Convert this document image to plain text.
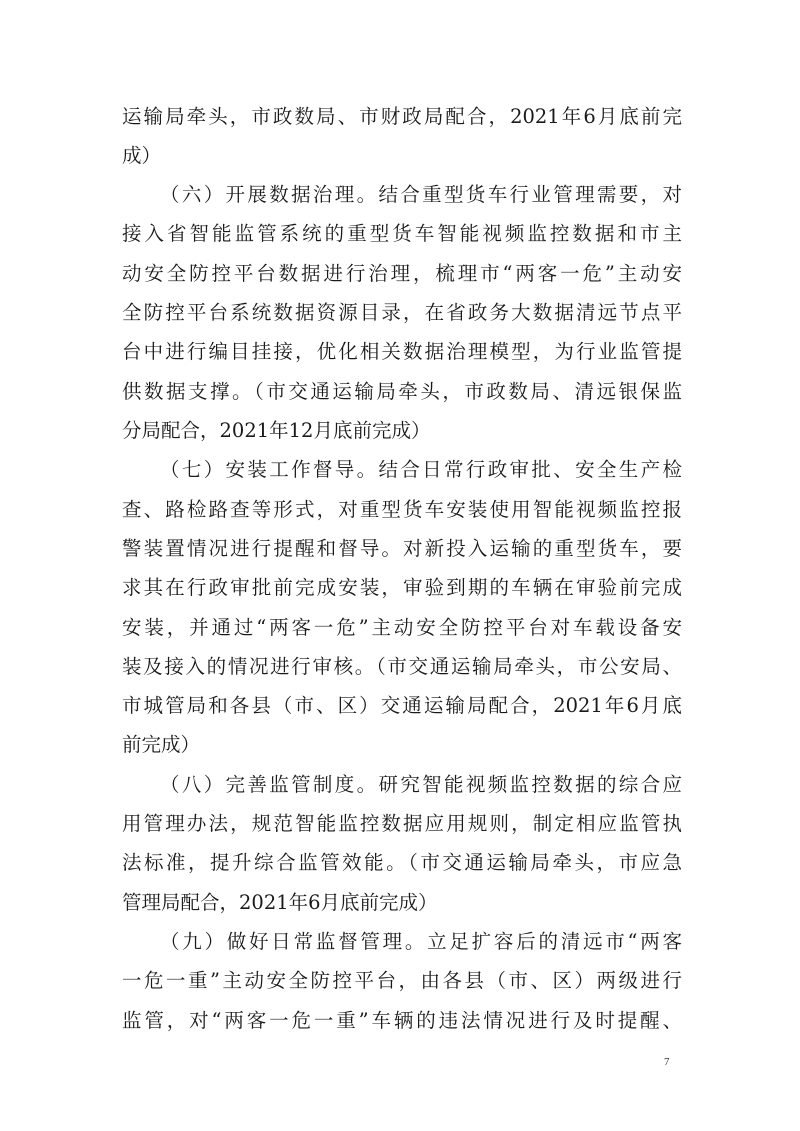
运输局牵头，市政数局、市财政局配合，2021年6月底前完
成）
（六）开展数据治理。结合重型货车行业管理需要，对
接入省智能监管系统的重型货车智能视频监控数据和市主
动安全防控平台数据进行治理，梳理市“两客一危”主动安
全防控平台系统数据资源目录，在省政务大数据清远节点平
台中进行编目挂接，优化相关数据治理模型，为行业监管提
供数据支撑。（市交通运输局牵头，市政数局、清远银保监
分局配合，2021年12月底前完成）
（七）安装工作督导。结合日常行政审批、安全生产检
查、路检路查等形式，对重型货车安装使用智能视频监控报
警装置情况进行提醒和督导。对新投入运输的重型货车，要
求其在行政审批前完成安装，审验到期的车辆在审验前完成
安装，并通过“两客一危”主动安全防控平台对车载设备安
装及接入的情况进行审核。（市交通运输局牵头，市公安局、
市城管局和各县（市、区）交通运输局配合，2021年6月底
前完成）
（八）完善监管制度。研究智能视频监控数据的综合应
用管理办法，规范智能监控数据应用规则，制定相应监管执
法标准，提升综合监管效能。（市交通运输局牵头，市应急
管理局配合，2021年6月底前完成）
（九）做好日常监督管理。立足扩容后的清远市“两客
一危一重”主动安全防控平台，由各县（市、区）两级进行
监管，对“两客一危一重”车辆的违法情况进行及时提醒、
7
